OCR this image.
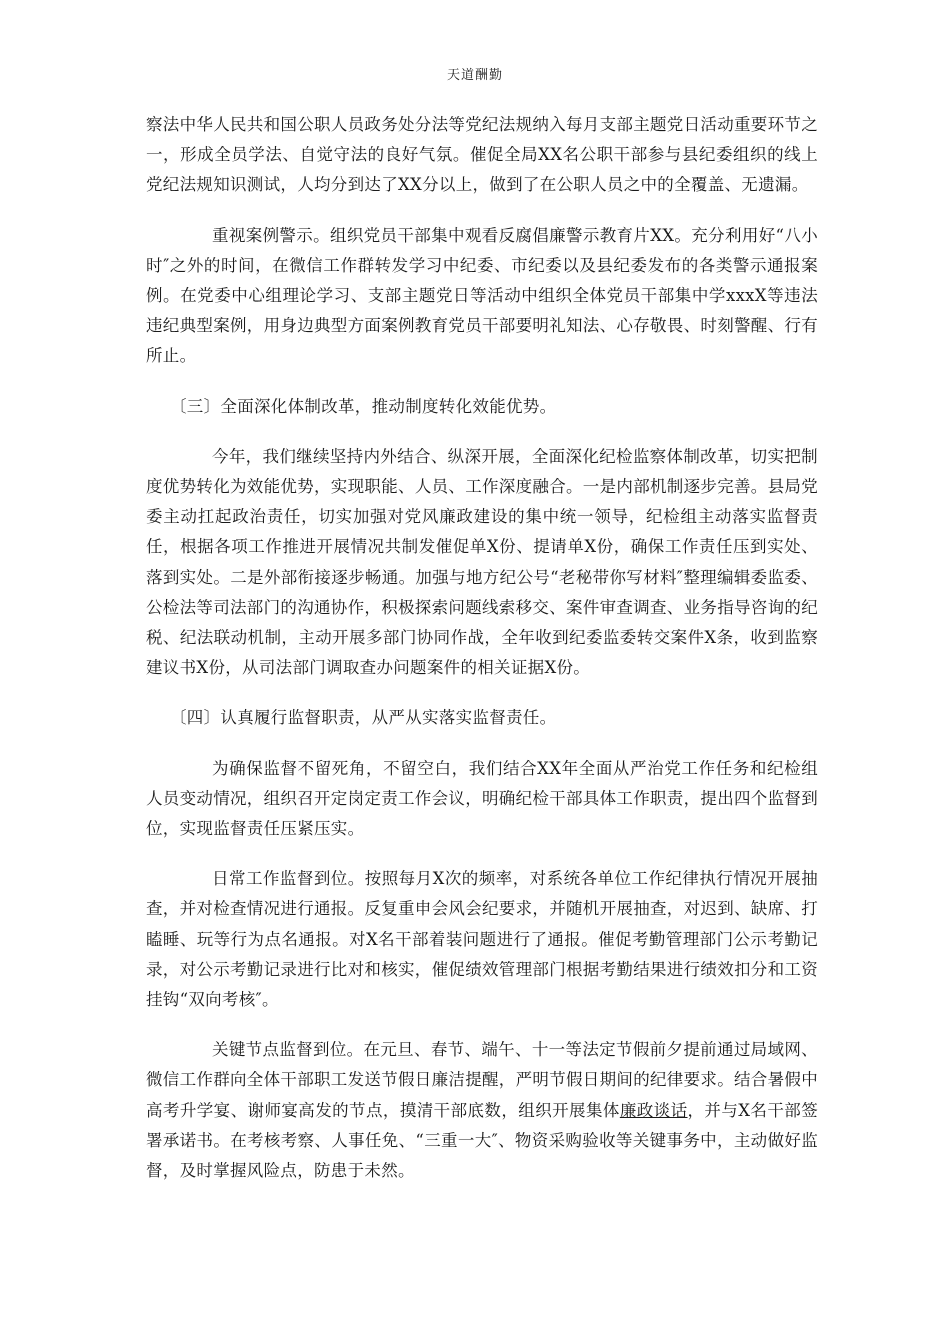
天道酬勤

察法中华人民共和国公职人员政务处分法等党纪法规纳入每月支部主题党日活动重要环节之一，形成全员学法、自觉守法的良好气氛。催促全局XX名公职干部参与县纪委组织的线上党纪法规知识测试，人均分到达了XX分以上，做到了在公职人员之中的全覆盖、无遗漏。

重视案例警示。组织党员干部集中观看反腐倡廉警示教育片XX。充分利用好“八小时″之外的时间，在微信工作群转发学习中纪委、市纪委以及县纪委发布的各类警示通报案例。在党委中心组理论学习、支部主题党日等活动中组织全体党员干部集中学xxxX等违法违纪典型案例，用身边典型方面案例教育党员干部要明礼知法、心存敬畏、时刻警醒、行有所止。

〔三〕全面深化体制改革，推动制度转化效能优势。

今年，我们继续坚持内外结合、纵深开展，全面深化纪检监察体制改革，切实把制度优势转化为效能优势，实现职能、人员、工作深度融合。一是内部机制逐步完善。县局党委主动扛起政治责任，切实加强对党风廉政建设的集中统一领导，纪检组主动落实监督责任，根据各项工作推进开展情况共制发催促单X份、提请单X份，确保工作责任压到实处、落到实处。二是外部衔接逐步畅通。加强与地方纪公号“老秘带你写材料″整理编辑委监委、公检法等司法部门的沟通协作，积极探索问题线索移交、案件审查调查、业务指导咨询的纪税、纪法联动机制，主动开展多部门协同作战，全年收到纪委监委转交案件X条，收到监察建议书X份，从司法部门调取查办问题案件的相关证据X份。

〔四〕认真履行监督职责，从严从实落实监督责任。

为确保监督不留死角，不留空白，我们结合XX年全面从严治党工作任务和纪检组人员变动情况，组织召开定岗定责工作会议，明确纪检干部具体工作职责，提出四个监督到位，实现监督责任压紧压实。

日常工作监督到位。按照每月X次的频率，对系统各单位工作纪律执行情况开展抽查，并对检查情况进行通报。反复重申会风会纪要求，并随机开展抽查，对迟到、缺席、打瞌睡、玩等行为点名通报。对X名干部着装问题进行了通报。催促考勤管理部门公示考勤记录，对公示考勤记录进行比对和核实，催促绩效管理部门根据考勤结果进行绩效扣分和工资挂钩“双向考核″。

关键节点监督到位。在元旦、春节、端午、十一等法定节假前夕提前通过局域网、微信工作群向全体干部职工发送节假日廉洁提醒，严明节假日期间的纪律要求。结合暑假中高考升学宴、谢师宴高发的节点，摸清干部底数，组织开展集体廉政谈话，并与X名干部签署承诺书。在考核考察、人事任免、“三重一大″、物资采购验收等关键事务中，主动做好监督，及时掌握风险点，防患于未然。
